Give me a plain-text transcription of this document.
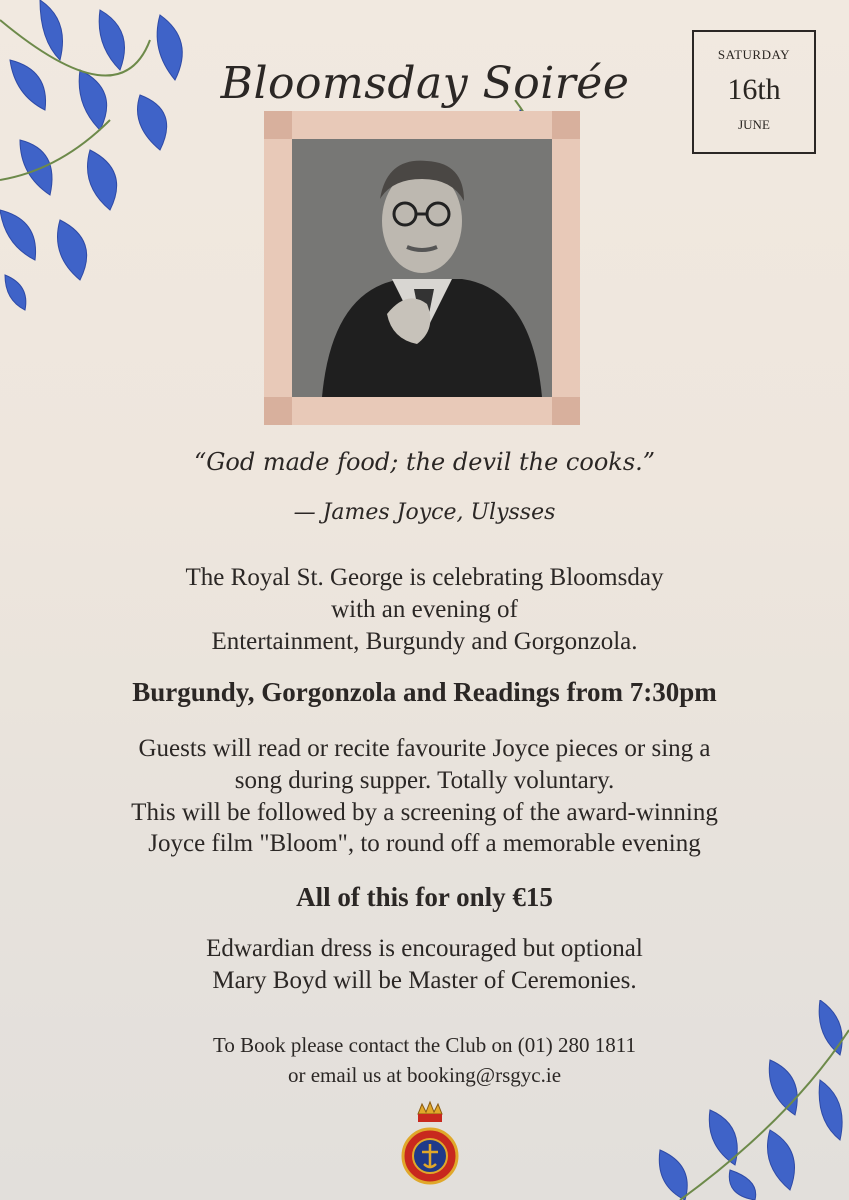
Bloomsday Soirée
SATURDAY
16th
JUNE
“God made food; the devil the cooks.”
— James Joyce, Ulysses
The Royal St. George is celebrating Bloomsday
with an evening of
Entertainment, Burgundy and Gorgonzola.
Burgundy, Gorgonzola and Readings from 7:30pm
Guests will read or recite favourite Joyce pieces or sing a
song during supper. Totally voluntary.
This will be followed by a screening of the award-winning
Joyce film "Bloom", to round off a memorable evening
All of this for only €15
Edwardian dress is encouraged but optional
Mary Boyd will be Master of Ceremonies.
To Book please contact the Club on (01) 280 1811
or email us at booking@rsgyc.ie
